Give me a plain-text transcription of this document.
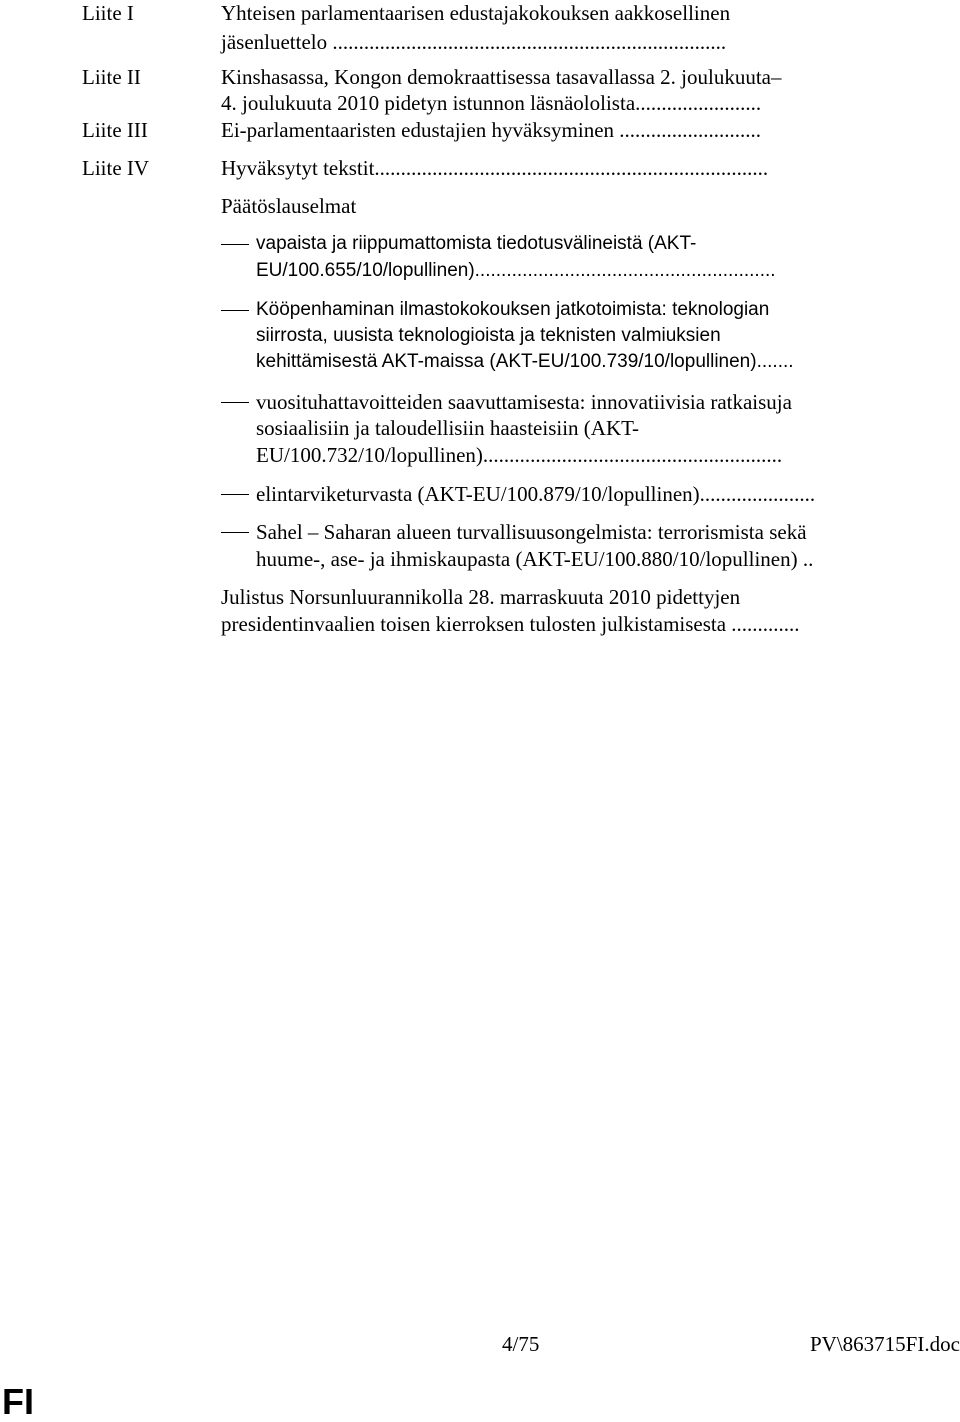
Liite I	Yhteisen parlamentaarisen edustajakokouksen aakkosellinen
jäsenluettelo ...........................................................................
Liite II	Kinshasassa, Kongon demokraattisessa tasavallassa 2. joulukuuta–
4. joulukuuta 2010 pidetyn istunnon läsnäololista........................
Liite III	Ei-parlamentaaristen edustajien hyväksyminen ...........................
Liite IV	Hyväksytyt tekstit...........................................................................
Päätöslauselmat
vapaista ja riippumattomista tiedotusvälineistä (AKT-
EU/100.655/10/lopullinen).........................................................
Kööpenhaminan ilmastokokouksen jatkotoimista: teknologian
siirrosta, uusista teknologioista ja teknisten valmiuksien
kehittämisestä AKT-maissa (AKT-EU/100.739/10/lopullinen).......
vuosituhattavoitteiden saavuttamisesta: innovatiivisia ratkaisuja
sosiaalisiin ja taloudellisiin haasteisiin (AKT-
EU/100.732/10/lopullinen).........................................................
elintarviketurvasta (AKT-EU/100.879/10/lopullinen)......................
Sahel – Saharan alueen turvallisuusongelmista: terrorismista sekä
huume-, ase- ja ihmiskaupasta (AKT-EU/100.880/10/lopullinen) ..
Julistus Norsunluurannikolla 28. marraskuuta 2010 pidettyjen
presidentinvaalien toisen kierroksen tulosten julkistamisesta .............
4/75	PV\863715FI.doc
FI
